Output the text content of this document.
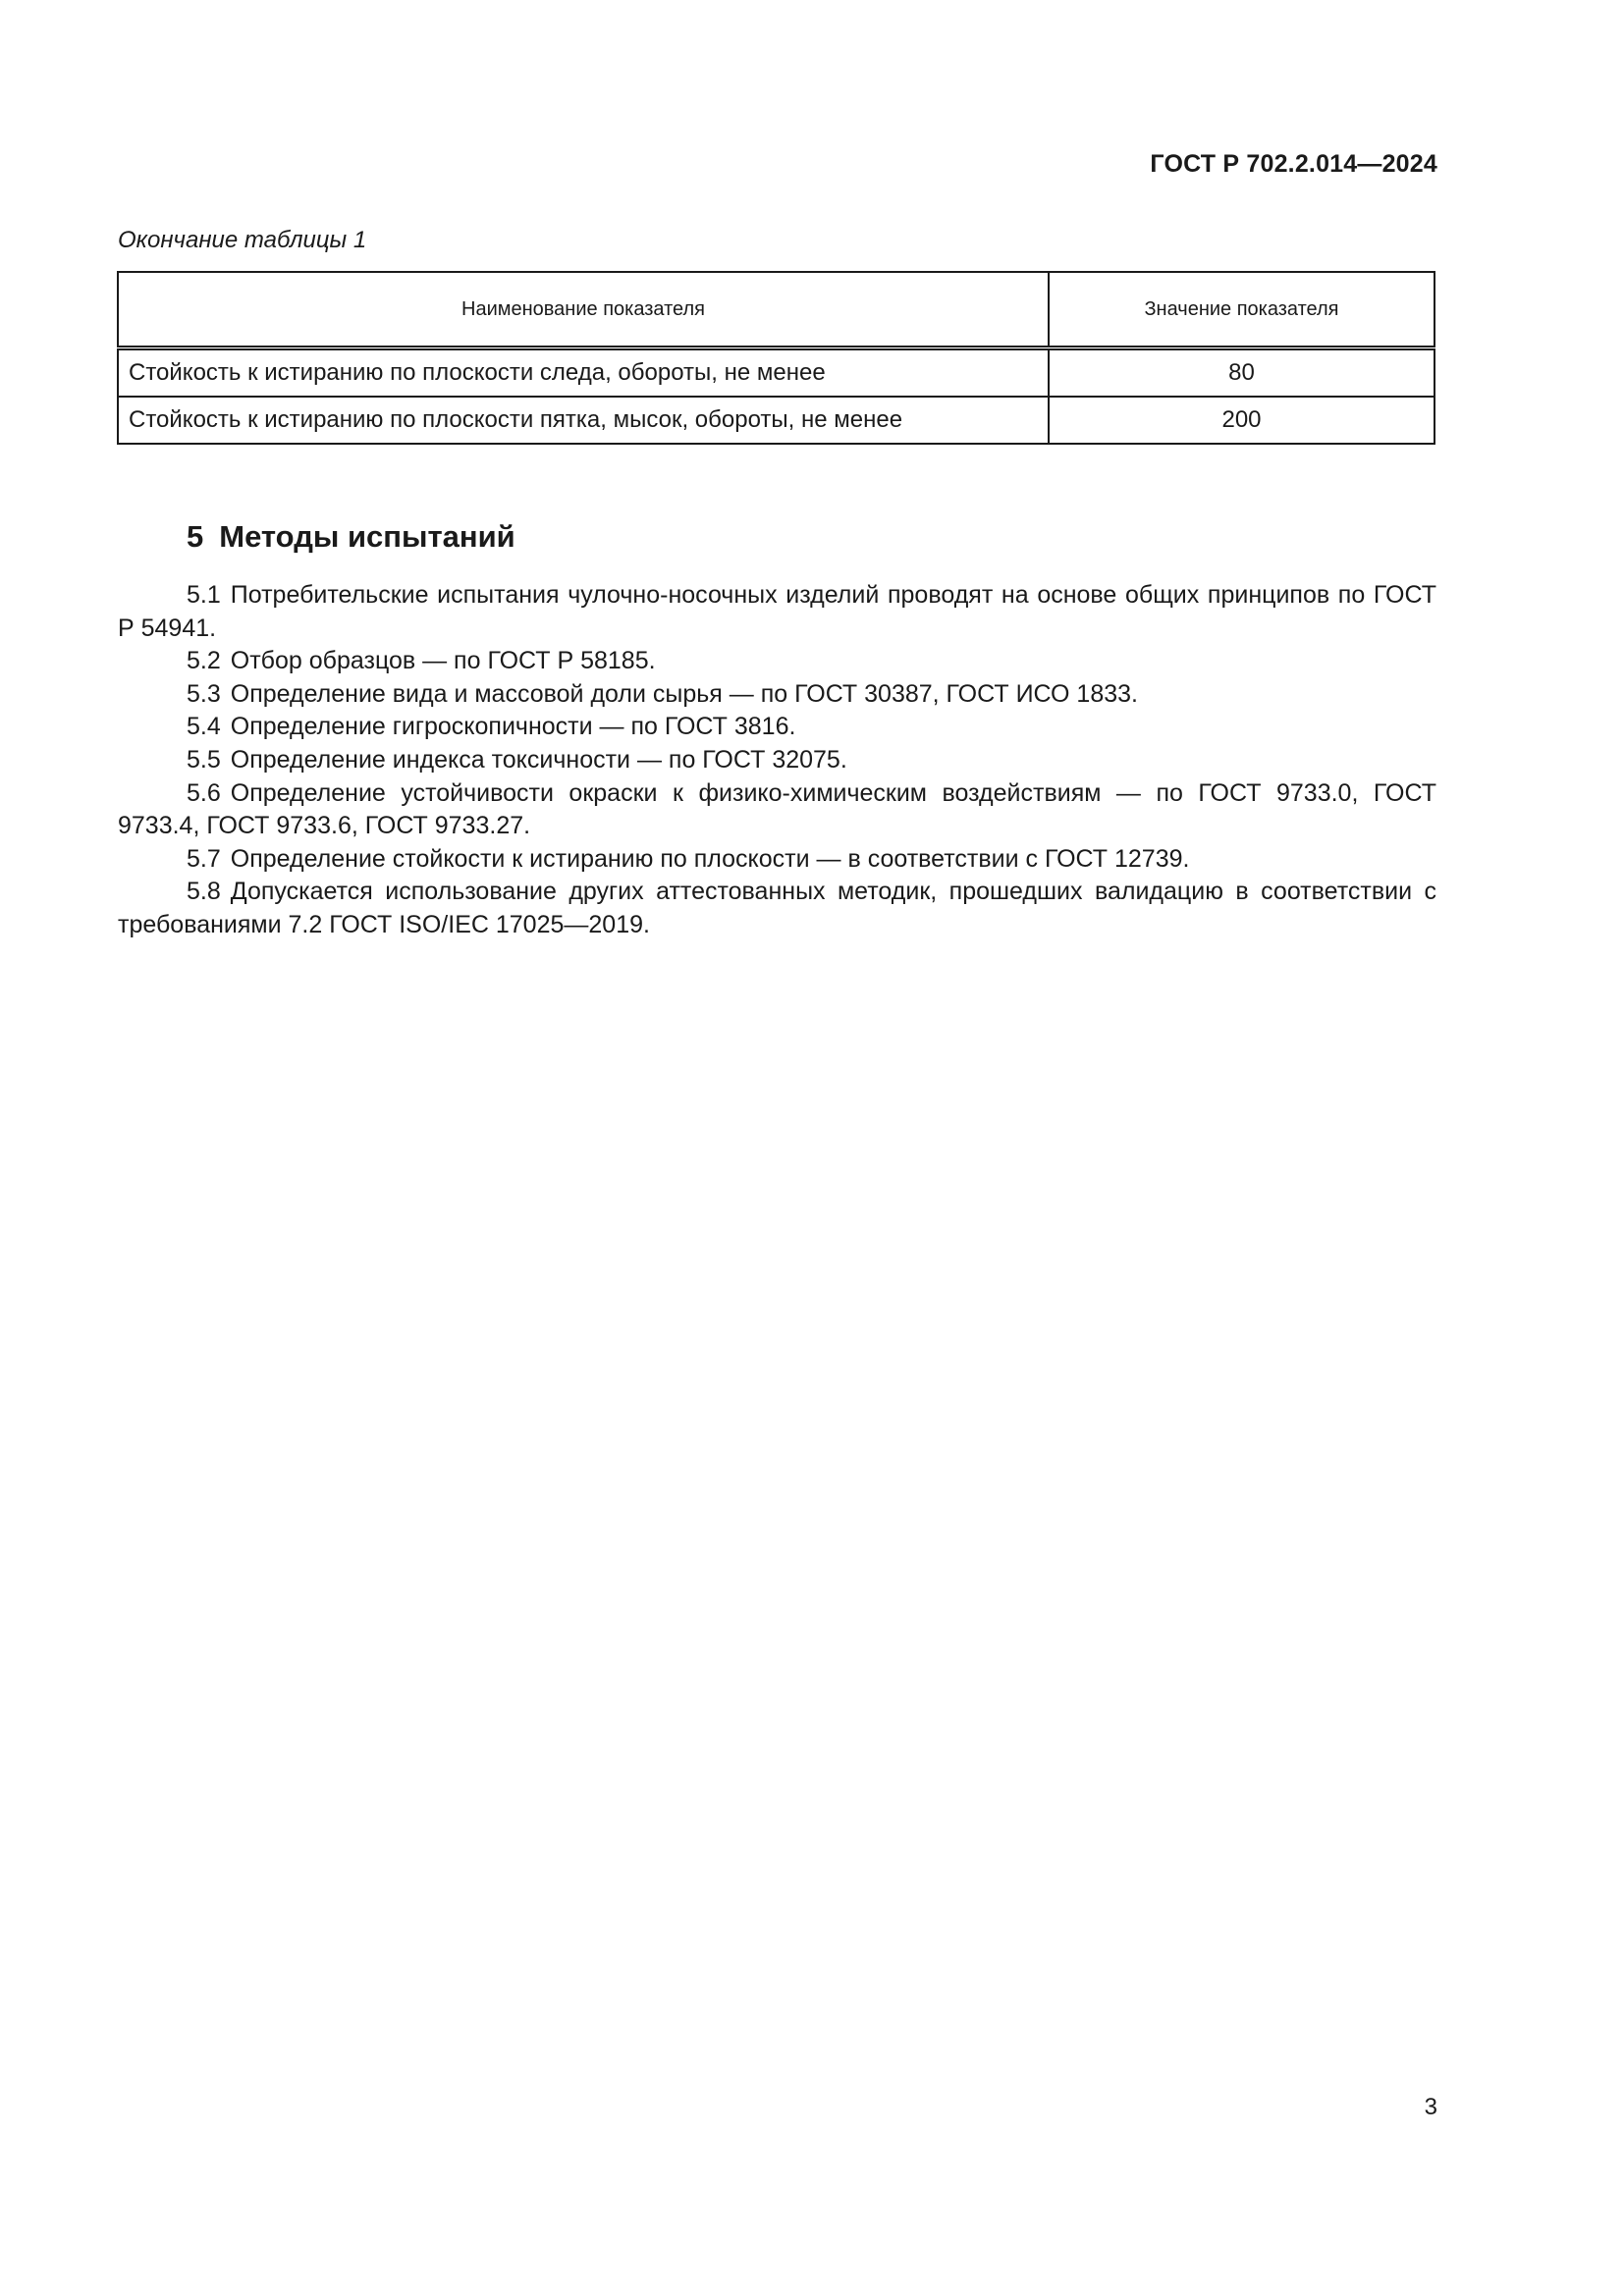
ГОСТ Р 702.2.014—2024
Окончание таблицы 1
Наименование показателя	Значение показателя
Стойкость к истиранию по плоскости следа, обороты, не менее	80
Стойкость к истиранию по плоскости пятка, мысок, обороты, не менее	200
5 Методы испытаний

5.1 Потребительские испытания чулочно-носочных изделий проводят на основе общих принципов по ГОСТ Р 54941.

5.2 Отбор образцов — по ГОСТ Р 58185.

5.3 Определение вида и массовой доли сырья — по ГОСТ 30387, ГОСТ ИСО 1833.

5.4 Определение гигроскопичности — по ГОСТ 3816.

5.5 Определение индекса токсичности — по ГОСТ 32075.

5.6 Определение устойчивости окраски к физико-химическим воздействиям — по ГОСТ 9733.0, ГОСТ 9733.4, ГОСТ 9733.6, ГОСТ 9733.27.

5.7 Определение стойкости к истиранию по плоскости — в соответствии с ГОСТ 12739.

5.8 Допускается использование других аттестованных методик, прошедших валидацию в соответствии с требованиями 7.2 ГОСТ ISO/IEC 17025—2019.

3
